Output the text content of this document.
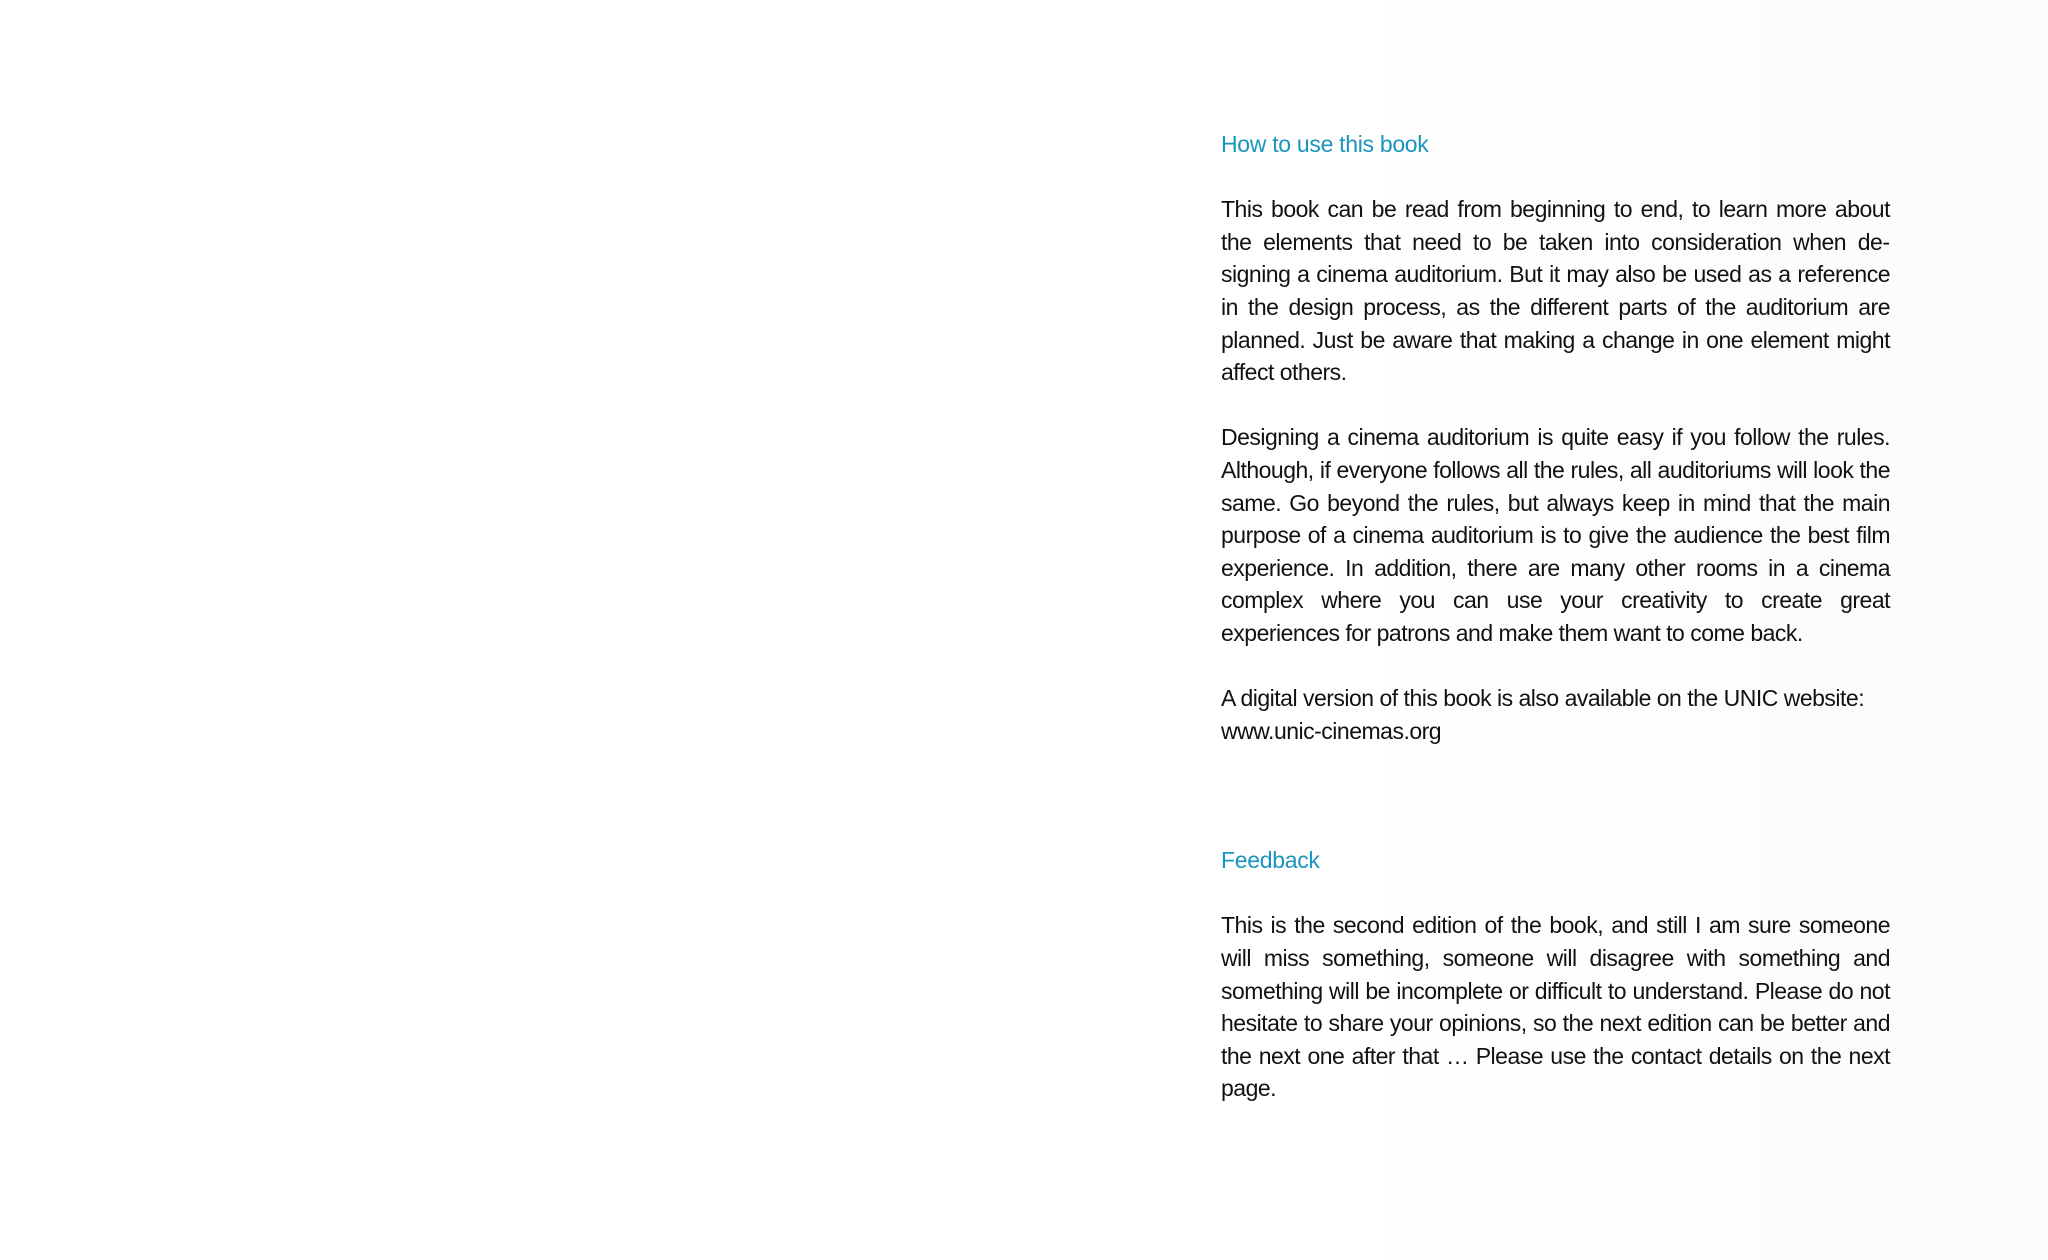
How to use this book

This book can be read from beginning to end, to learn more about the elements that need to be taken into consideration when designing a cinema auditorium. But it may also be used as a reference in the design process, as the different parts of the auditorium are planned. Just be aware that making a change in one element might affect others.

Designing a cinema auditorium is quite easy if you follow the rules. Although, if everyone follows all the rules, all auditoriums will look the same. Go beyond the rules, but always keep in mind that the main purpose of a cinema auditorium is to give the audience the best film experience. In addition, there are many other rooms in a cinema complex where you can use your creativity to create great experiences for patrons and make them want to come back.

A digital version of this book is also available on the UNIC website:
www.unic-cinemas.org

Feedback

This is the second edition of the book, and still I am sure someone will miss something, someone will disagree with something and something will be incomplete or difficult to understand. Please do not hesitate to share your opinions, so the next edition can be better and the next one after that … Please use the contact details on the next page.
